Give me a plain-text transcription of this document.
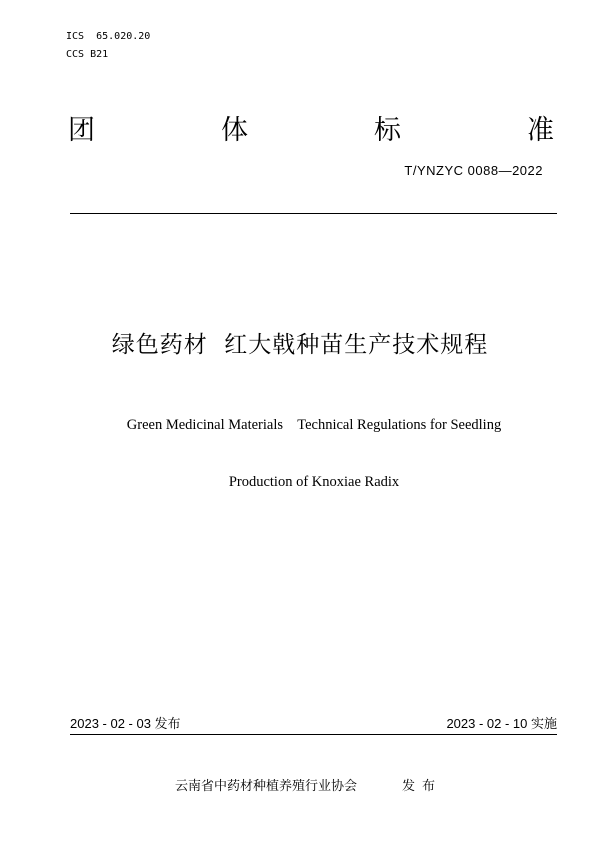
ICS 65.020.20
CCS B21
团	体	标	准
T/YNZYC 0088—2022
绿色药材  红大戟种苗生产技术规程

Green Medicinal Materials    Technical Regulations for Seedling

Production of Knoxiae Radix

2023 - 02 - 03 发布	2023 - 02 - 10 实施
云南省中药材种植养殖行业协会	发布
